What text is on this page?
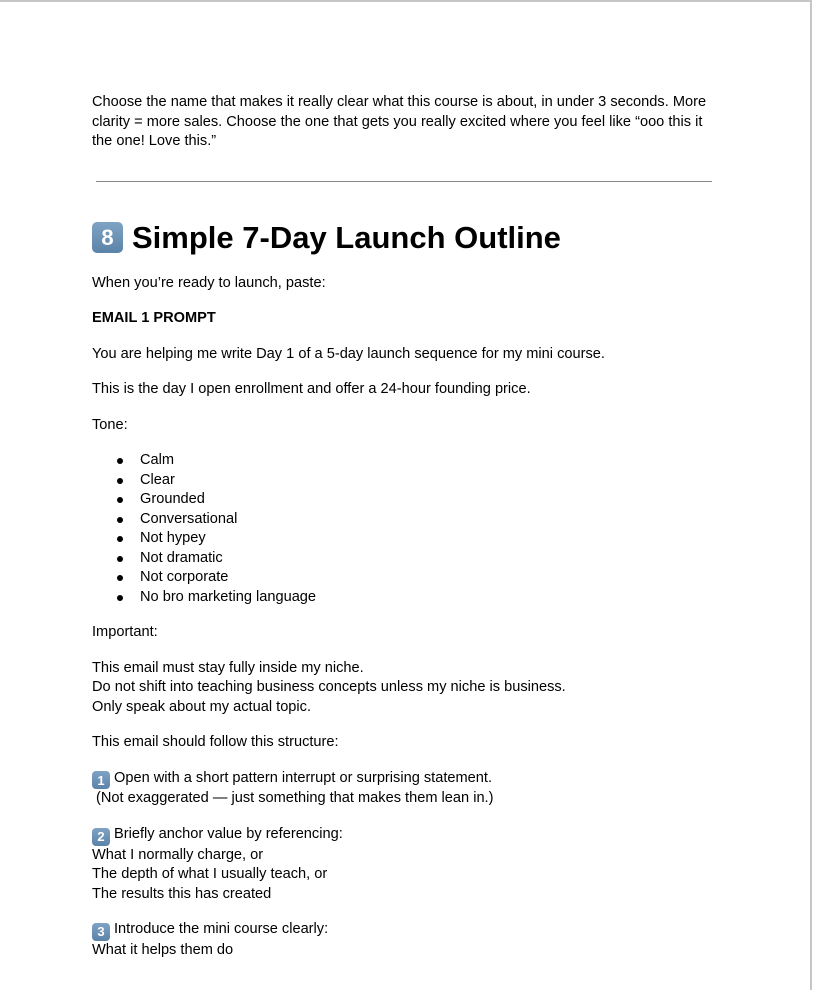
Choose the name that makes it really clear what this course is about, in under 3 seconds. More clarity = more sales. Choose the one that gets you really excited where you feel like “ooo this it the one! Love this.”

8 Simple 7-Day Launch Outline

When you’re ready to launch, paste:

EMAIL 1 PROMPT

You are helping me write Day 1 of a 5-day launch sequence for my mini course.

This is the day I open enrollment and offer a 24-hour founding price.

Tone:

Calm
Clear
Grounded
Conversational
Not hypey
Not dramatic
Not corporate
No bro marketing language

Important:

This email must stay fully inside my niche.

Do not shift into teaching business concepts unless my niche is business.

Only speak about my actual topic.

This email should follow this structure:

1 Open with a short pattern interrupt or surprising statement.

(Not exaggerated — just something that makes them lean in.)

2 Briefly anchor value by referencing:

What I normally charge, or

The depth of what I usually teach, or

The results this has created

3 Introduce the mini course clearly:

What it helps them do
